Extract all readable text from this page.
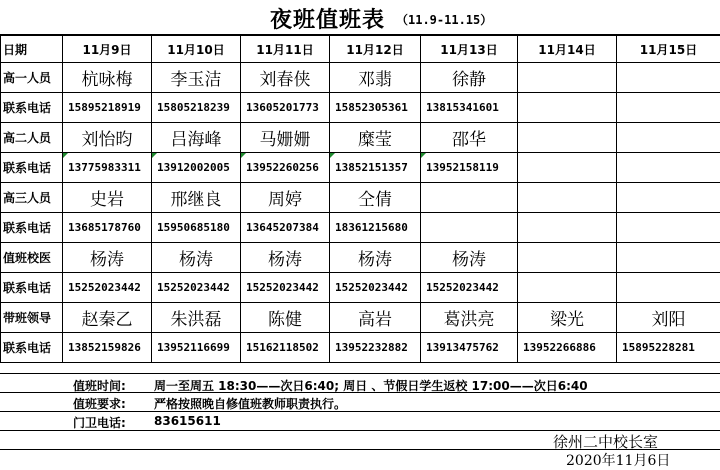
夜班值班表 （11.9-11.15）
日期	11月9日	11月10日	11月11日	11月12日	11月13日	11月14日	11月15日
高一人员	杭咏梅	李玉洁	刘春侠	邓翡	徐静		
联系电话	15895218919	15805218239	13605201773	15852305361	13815341601		
高二人员	刘怡昀	吕海峰	马姗姗	糜莹	邵华		
联系电话	13775983311	13912002005	13952260256	13852151357	13952158119		
高三人员	史岩	邢继良	周婷	仝倩			
联系电话	13685178760	15950685180	13645207384	18361215680			
值班校医	杨涛	杨涛	杨涛	杨涛	杨涛		
联系电话	15252023442	15252023442	15252023442	15252023442	15252023442		
带班领导	赵秦乙	朱洪磊	陈健	高岩	葛洪亮	梁光	刘阳
联系电话	13852159826	13952116699	15162118502	13952232882	13913475762	13952266886	15895228281
值班时间: 周一至周五 18:30——次日6:40; 周日 、节假日学生返校 17:00——次日6:40
值班要求: 严格按照晚自修值班教师职责执行。
门卫电话: 83615611
徐州二中校长室
2020年11月6日
